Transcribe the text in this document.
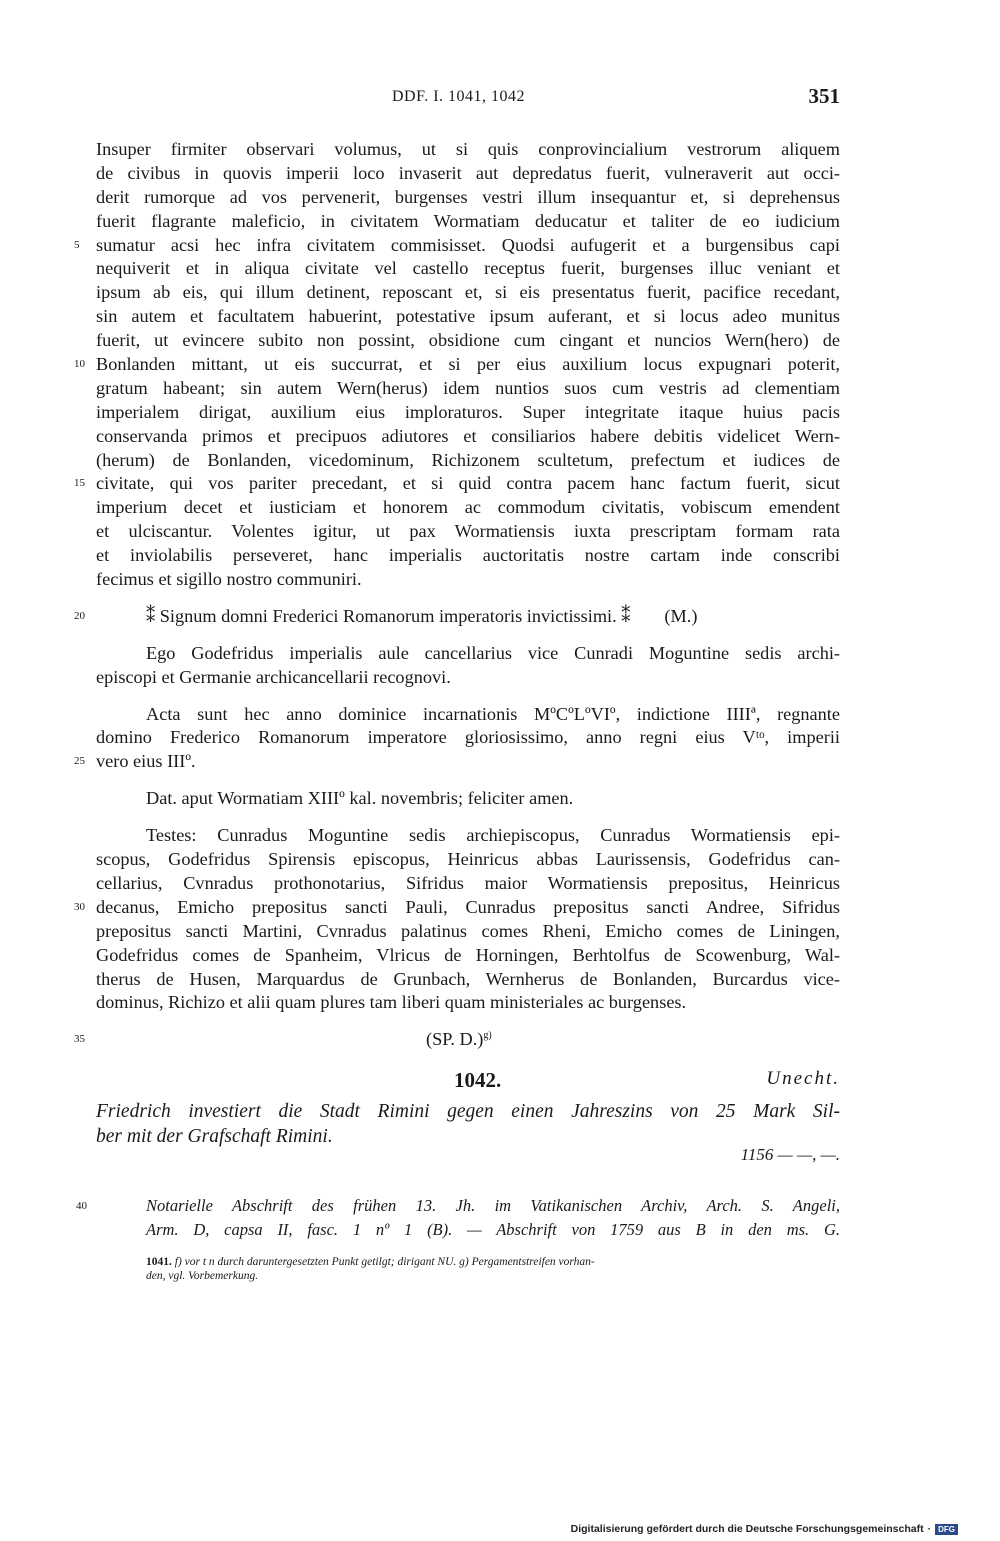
DDF. I. 1041, 1042	351
Insuper firmiter observari volumus, ut si quis conprovincialium vestrorum aliquem
de civibus in quovis imperii loco invaserit aut depredatus fuerit, vulneraverit aut occi-
derit rumorque ad vos pervenerit, burgenses vestri illum insequantur et, si deprehensus
fuerit flagrante maleficio, in civitatem Wormatiam deducatur et taliter de eo iudicium
5 sumatur acsi hec infra civitatem commisisset. Quodsi aufugerit et a burgensibus capi
nequiverit et in aliqua civitate vel castello receptus fuerit, burgenses illuc veniant et
ipsum ab eis, qui illum detinent, reposcant et, si eis presentatus fuerit, pacifice recedant,
sin autem et facultatem habuerint, potestative ipsum auferant, et si locus adeo munitus
fuerit, ut evincere subito non possint, obsidione cum cingant et nuncios Wern(hero) de
10 Bonlanden mittant, ut eis succurrat, et si per eius auxilium locus expugnari poterit,
gratum habeant; sin autem Wern(herus) idem nuntios suos cum vestris ad clementiam
imperialem dirigat, auxilium eius imploraturos. Super integritate itaque huius pacis
conservanda primos et precipuos adiutores et consiliarios habere debitis videlicet Wern-
(herum) de Bonlanden, vicedominum, Richizonem scultetum, prefectum et iudices de
15 civitate, qui vos pariter precedant, et si quid contra pacem hanc factum fuerit, sicut
imperium decet et iusticiam et honorem ac commodum civitatis, vobiscum emendent
et ulciscantur. Volentes igitur, ut pax Wormatiensis iuxta prescriptam formam rata
et inviolabilis perseveret, hanc imperialis auctoritatis nostre cartam inde conscribi
fecimus et sigillo nostro communiri.
20	⁑ Signum domni Frederici Romanorum imperatoris invictissimi. ⁑ (M.)
Ego Godefridus imperialis aule cancellarius vice Cunradi Moguntine sedis archi-
episcopi et Germanie archicancellarii recognovi.
Acta sunt hec anno dominice incarnationis MºCºLºVIº, indictione IIIIª, regnante
domino Frederico Romanorum imperatore gloriosissimo, anno regni eius Vᵗᵒ, imperii
25 vero eius IIIº.
Dat. aput Wormatiam XIIIº kal. novembris; feliciter amen.
Testes: Cunradus Moguntine sedis archiepiscopus, Cunradus Wormatiensis epi-
scopus, Godefridus Spirensis episcopus, Heinricus abbas Laurissensis, Godefridus can-
cellarius, Cvnradus prothonotarius, Sifridus maior Wormatiensis prepositus, Heinricus
30 decanus, Emicho prepositus sancti Pauli, Cunradus prepositus sancti Andree, Sifridus
prepositus sancti Martini, Cvnradus palatinus comes Rheni, Emicho comes de Liningen,
Godefridus comes de Spanheim, Vlricus de Horningen, Berhtolfus de Scowenburg, Wal-
therus de Husen, Marquardus de Grunbach, Wernherus de Bonlanden, Burcardus vice-
dominus, Richizo et alii quam plures tam liberi quam ministeriales ac burgenses.
35	(SP. D.)$^{g)}$
1042.	Unecht.
Friedrich investiert die Stadt Rimini gegen einen Jahreszins von 25 Mark Sil-
ber mit der Grafschaft Rimini.
1156 — —, —.
40	Notarielle Abschrift des frühen 13. Jh. im Vatikanischen Archiv, Arch. S. Angeli,
Arm. D, capsa II, fasc. 1 nº 1 (B). — Abschrift von 1759 aus B in den ms. G.
1041. f) vor t n durch daruntergesetzten Punkt getilgt; dirigant NU. g) Pergamentstreifen vorhan-
den, vgl. Vorbemerkung.
Digitalisierung gefördert durch die Deutsche Forschungsgemeinschaft · DFG
